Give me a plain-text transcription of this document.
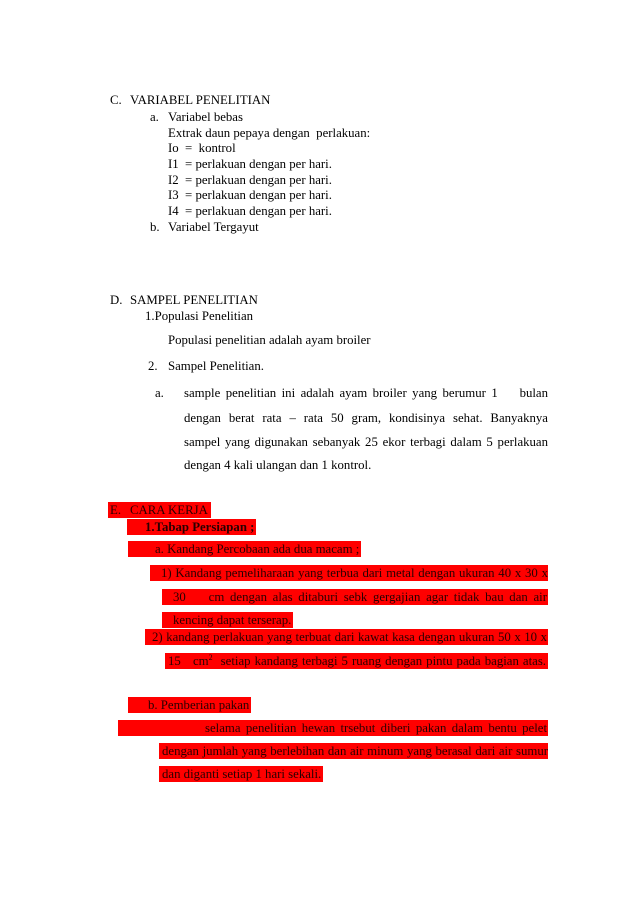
C. VARIABEL PENELITIAN
a. Variabel bebas
Extrak daun pepaya dengan  perlakuan:
Io  =  kontrol
I1  = perlakuan dengan per hari.
I2  = perlakuan dengan per hari.
I3  = perlakuan dengan per hari.
I4  = perlakuan dengan per hari.
b. Variabel Tergayut
D. SAMPEL PENELITIAN
1.Populasi Penelitian
Populasi penelitian adalah ayam broiler
2. Sampel Penelitian.
a. sample penelitian ini adalah ayam broiler yang berumur 1    bulan
dengan berat rata – rata 50 gram, kondisinya sehat. Banyaknya
sampel yang digunakan sebanyak 25 ekor terbagi dalam 5 perlakuan
dengan 4 kali ulangan dan 1 kontrol.
E. CARA KERJA
1.Tabap Persiapan ;
a. Kandang Percobaan ada dua macam ;
1) Kandang pemeliharaan yang terbua dari metal dengan ukuran 40 x 30 x
30    cm dengan alas ditaburi sebk gergajian agar tidak bau dan air
kencing dapat terserap.
2) kandang perlakuan yang terbuat dari kawat kasa dengan ukuran 50 x 10 x
15   $cm^2$  setiap kandang terbagi 5 ruang dengan pintu pada bagian atas.
b. Pemberian pakan
selama penelitian hewan trsebut diberi pakan dalam bentu pelet
dengan jumlah yang berlebihan dan air minum yang berasal dari air sumur
dan diganti setiap 1 hari sekali.
